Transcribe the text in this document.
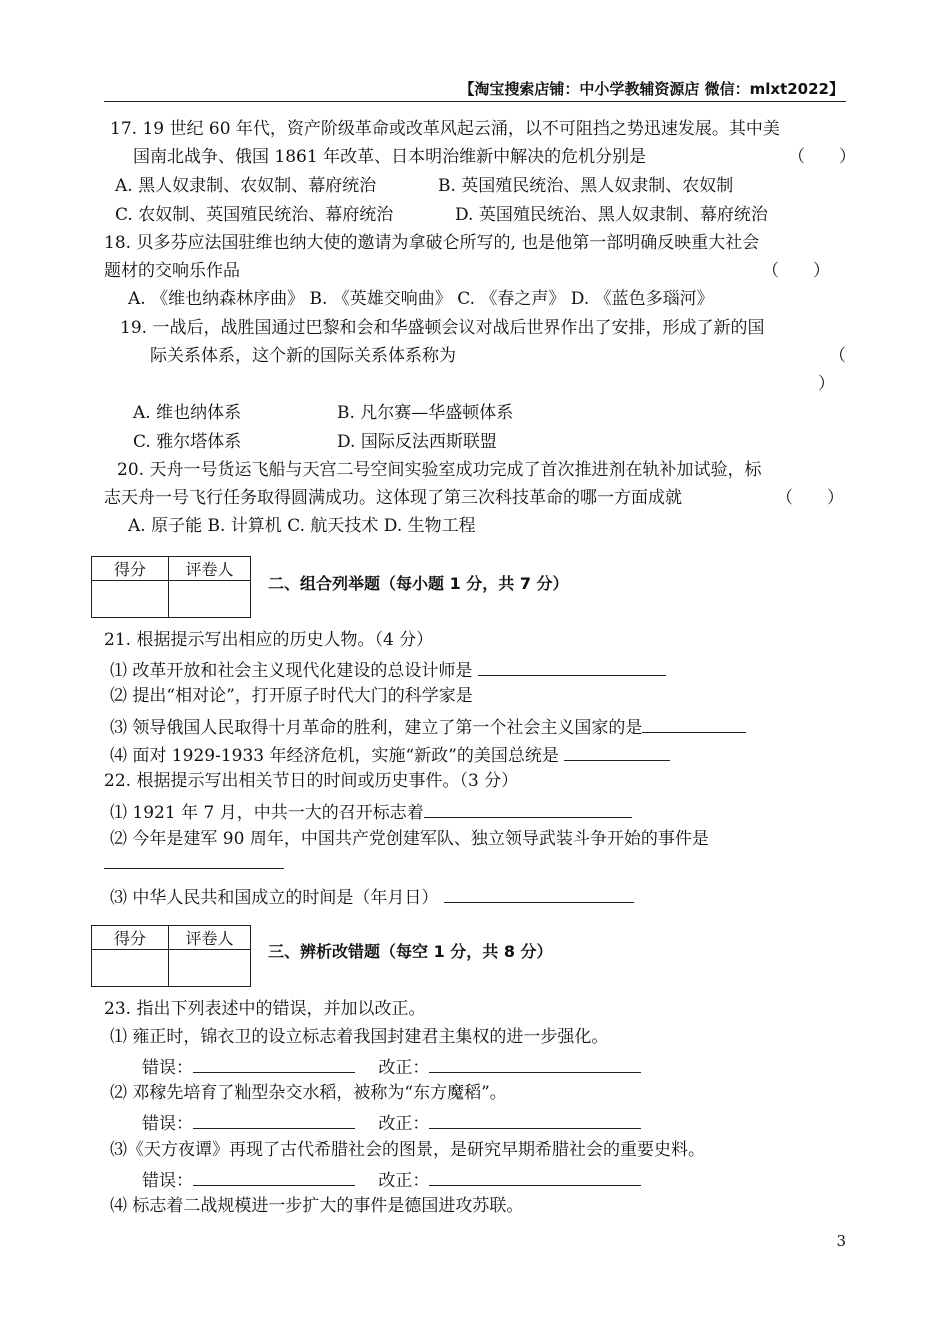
【淘宝搜索店铺：中小学教辅资源店 微信：mlxt2022】
17. 19 世纪 60 年代，资产阶级革命或改革风起云涌，以不可阻挡之势迅速发展。其中美
国南北战争、俄国 1861 年改革、日本明治维新中解决的危机分别是	（　　）
A. 黑人奴隶制、农奴制、幕府统治	B. 英国殖民统治、黑人奴隶制、农奴制
C. 农奴制、英国殖民统治、幕府统治	D. 英国殖民统治、黑人奴隶制、幕府统治
18. 贝多芬应法国驻维也纳大使的邀请为拿破仑所写的, 也是他第一部明确反映重大社会
题材的交响乐作品	（　　）
A. 《维也纳森林序曲》 B. 《英雄交响曲》 C. 《春之声》 D. 《蓝色多瑙河》
19. 一战后，战胜国通过巴黎和会和华盛顿会议对战后世界作出了安排，形成了新的国
际关系体系，这个新的国际关系体系称为	（
）
A. 维也纳体系	B. 凡尔赛—华盛顿体系
C. 雅尔塔体系	D. 国际反法西斯联盟
20. 天舟一号货运飞船与天宫二号空间实验室成功完成了首次推进剂在轨补加试验，标
志天舟一号飞行任务取得圆满成功。这体现了第三次科技革命的哪一方面成就	（　　）
A. 原子能 B. 计算机 C. 航天技术 D. 生物工程
得分	评卷人

二、组合列举题（每小题 1 分，共 7 分）
21. 根据提示写出相应的历史人物。（4 分）
⑴ 改革开放和社会主义现代化建设的总设计师是
⑵ 提出“相对论”，打开原子时代大门的科学家是
⑶ 领导俄国人民取得十月革命的胜利，建立了第一个社会主义国家的是
⑷ 面对 1929-1933 年经济危机，实施“新政”的美国总统是
22. 根据提示写出相关节日的时间或历史事件。（3 分）
⑴ 1921 年 7 月，中共一大的召开标志着
⑵ 今年是建军 90 周年，中国共产党创建军队、独立领导武装斗争开始的事件是
⑶ 中华人民共和国成立的时间是（年月日）
得分	评卷人

三、辨析改错题（每空 1 分，共 8 分）
23. 指出下列表述中的错误，并加以改正。
⑴ 雍正时，锦衣卫的设立标志着我国封建君主集权的进一步强化。
错误：	改正：
⑵ 邓稼先培育了籼型杂交水稻，被称为“东方魔稻”。
错误：	改正：
⑶《天方夜谭》再现了古代希腊社会的图景，是研究早期希腊社会的重要史料。
错误：	改正：
⑷ 标志着二战规模进一步扩大的事件是德国进攻苏联。
3
